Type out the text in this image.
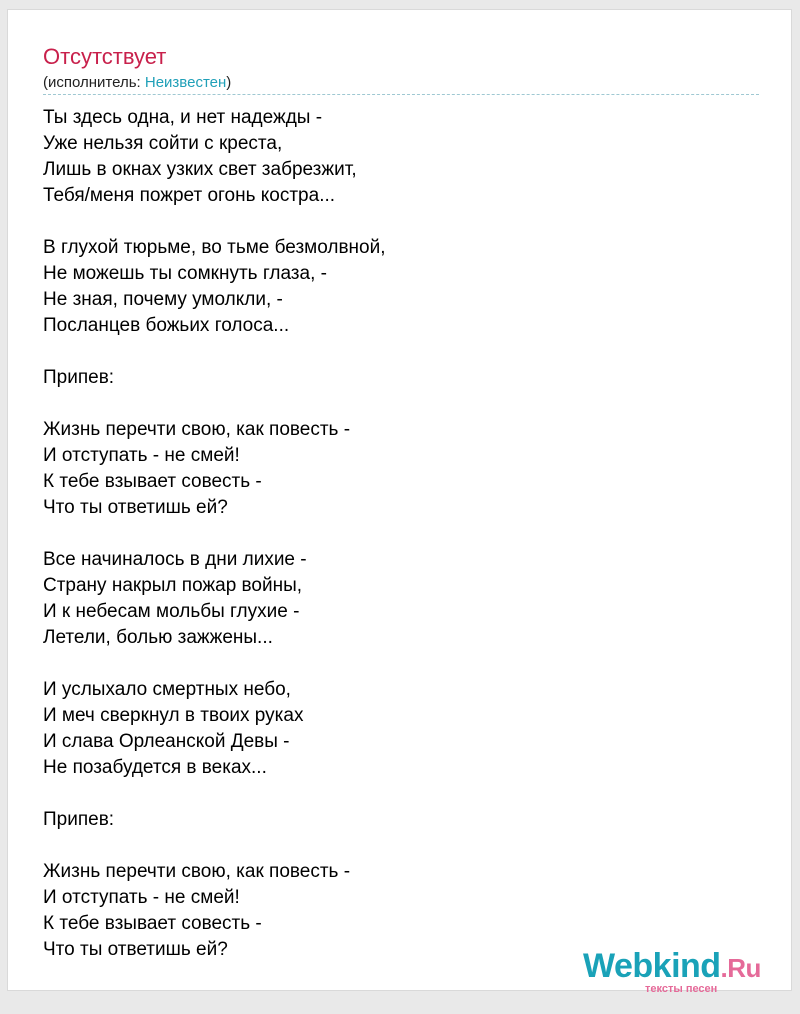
Отсутствует
(исполнитель: Неизвестен)
Ты здесь одна, и нет надежды -
Уже нельзя сойти с креста,
Лишь в окнах узких свет забрезжит,
Тебя/меня пожрет огонь костра...
В глухой тюрьме, во тьме безмолвной,
Не можешь ты сомкнуть глаза, -
Не зная, почему умолкли, -
Посланцев божьих голоса...
Припев:
Жизнь перечти свою, как повесть -
И отступать - не смей!
К тебе взывает совесть -
Что ты ответишь ей?
Все начиналось в дни лихие -
Страну накрыл пожар войны,
И к небесам мольбы глухие -
Летели, болью зажжены...
И услыхало смертных небо,
И меч сверкнул в твоих руках
И слава Орлеанской Девы -
Не позабудется в веках...
Припев:
Жизнь перечти свою, как повесть -
И отступать - не смей!
К тебе взывает совесть -
Что ты ответишь ей?	Webkind.Ru
тексты песен
